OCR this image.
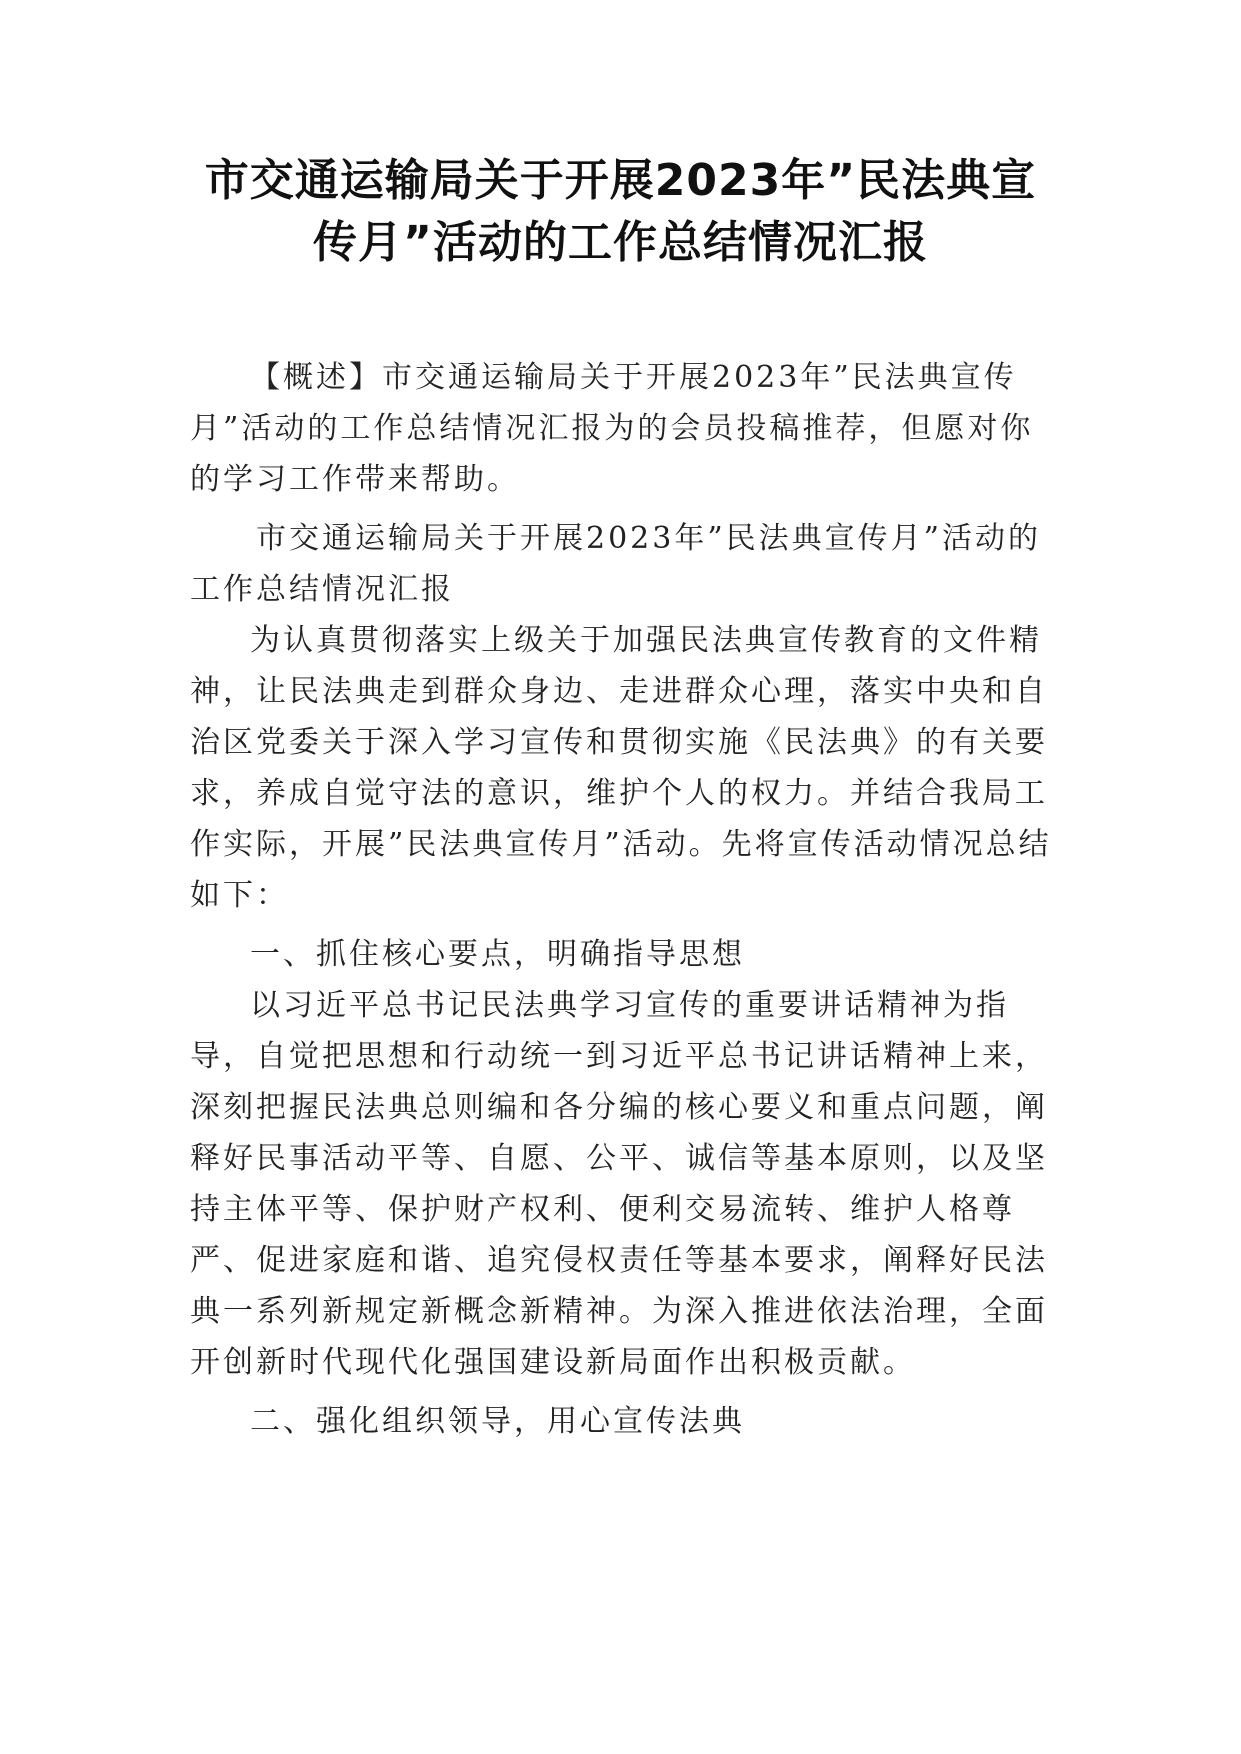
市交通运输局关于开展2023年”民法典宣
传月”活动的工作总结情况汇报

【概述】市交通运输局关于开展2023年”民法典宣传月”活动的工作总结情况汇报为的会员投稿推荐，但愿对你的学习工作带来帮助。

市交通运输局关于开展2023年”民法典宣传月”活动的工作总结情况汇报

为认真贯彻落实上级关于加强民法典宣传教育的文件精神，让民法典走到群众身边、走进群众心理，落实中央和自治区党委关于深入学习宣传和贯彻实施《民法典》的有关要求，养成自觉守法的意识，维护个人的权力。并结合我局工作实际，开展”民法典宣传月”活动。先将宣传活动情况总结如下：

一、抓住核心要点，明确指导思想

以习近平总书记民法典学习宣传的重要讲话精神为指导，自觉把思想和行动统一到习近平总书记讲话精神上来，深刻把握民法典总则编和各分编的核心要义和重点问题，阐释好民事活动平等、自愿、公平、诚信等基本原则，以及坚持主体平等、保护财产权利、便利交易流转、维护人格尊严、促进家庭和谐、追究侵权责任等基本要求，阐释好民法典一系列新规定新概念新精神。为深入推进依法治理，全面开创新时代现代化强国建设新局面作出积极贡献。

二、强化组织领导，用心宣传法典
